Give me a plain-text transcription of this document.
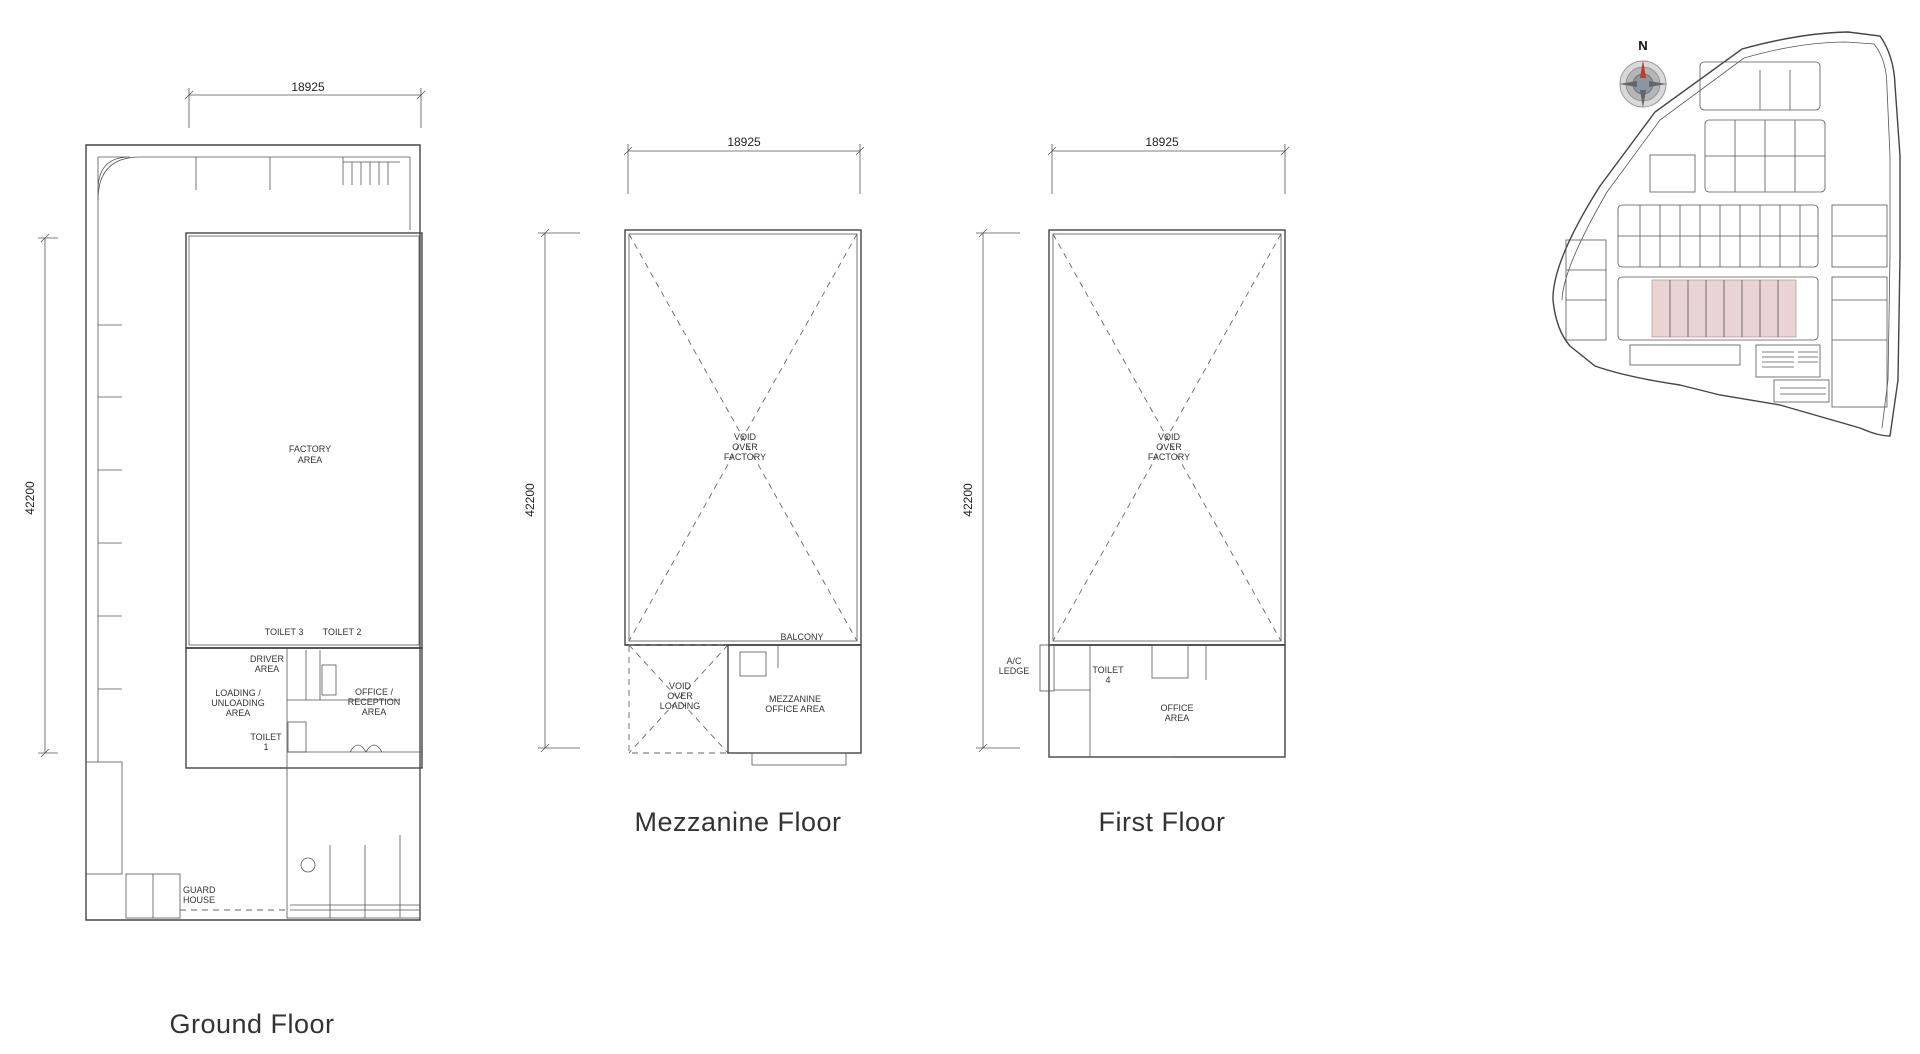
18925
42200
FACTORY
AREA
TOILET 3 TOILET 2
DRIVER
AREA
LOADING /
UNLOADING
AREA
OFFICE /
RECEPTION
AREA
TOILET
1
GUARD
HOUSE
Ground Floor
18925
42200
VOID
OVER
FACTORY
BALCONY
VOID
OVER
LOADING
MEZZANINE
OFFICE AREA
Mezzanine Floor
18925
42200
VOID
OVER
FACTORY
A/C
LEDGE	TOILET
4
OFFICE
AREA
First Floor
N
